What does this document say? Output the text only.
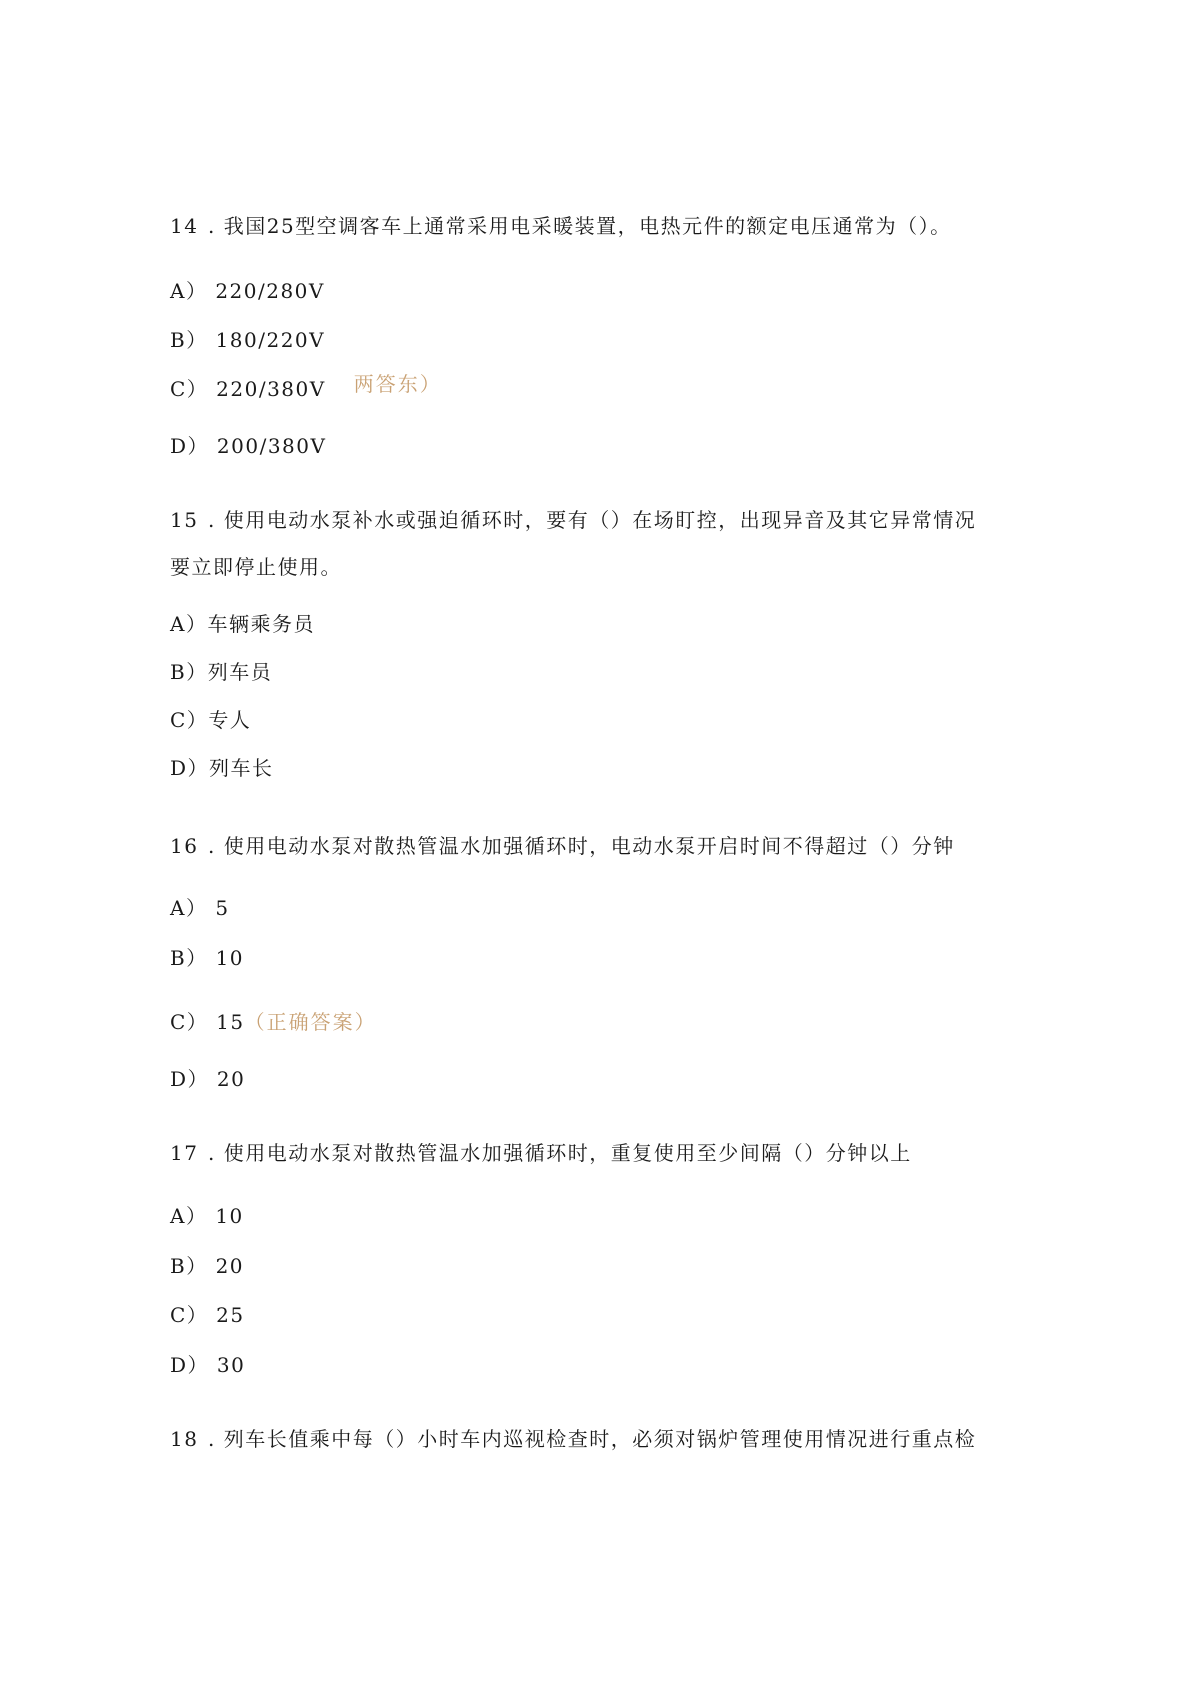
14 . 我国25型空调客车上通常采用电采暖装置，电热元件的额定电压通常为（）。
A） 220/280V
B） 180/220V
C） 220/380V 两答东）
D） 200/380V
15 . 使用电动水泵补水或强迫循环时，要有（）在场盯控，出现异音及其它异常情况
要立即停止使用。
A）车辆乘务员
B）列车员
C）专人
D）列车长
16 . 使用电动水泵对散热管温水加强循环时，电动水泵开启时间不得超过（）分钟
A） 5
B） 10
C） 15（正确答案）
D） 20
17 . 使用电动水泵对散热管温水加强循环时，重复使用至少间隔（）分钟以上
A） 10
B） 20
C） 25
D） 30
18 . 列车长值乘中每（）小时车内巡视检查时，必须对锅炉管理使用情况进行重点检
